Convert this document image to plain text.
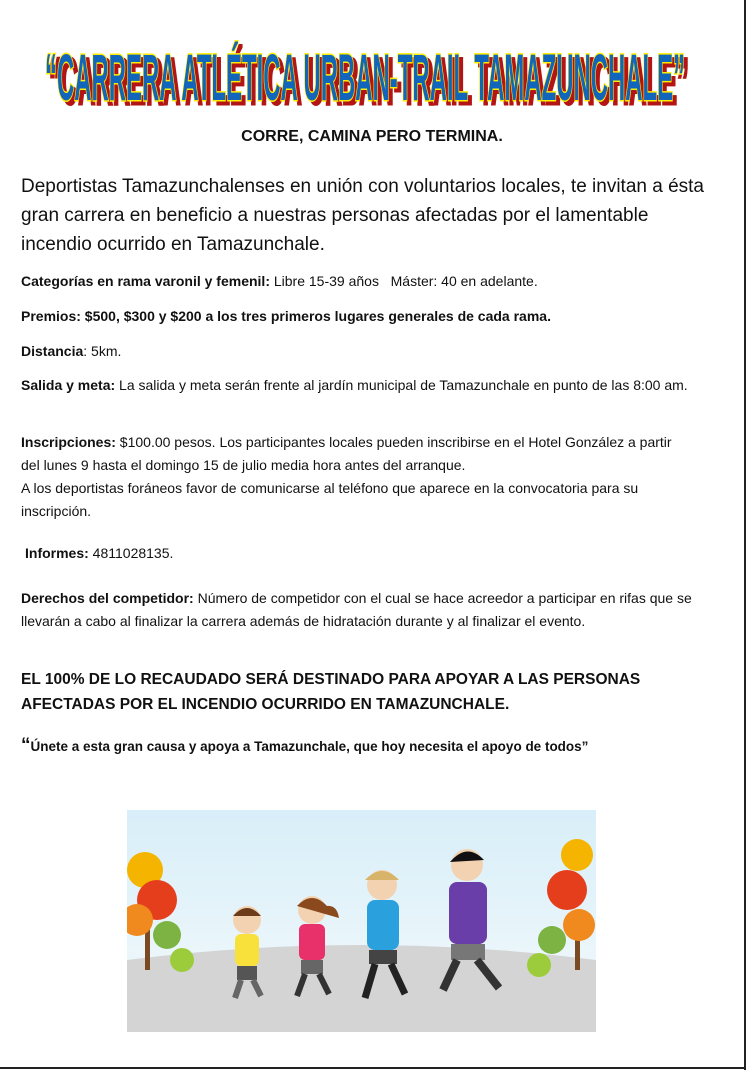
“CARRERA ATLÉTICA URBAN-TRAIL TAMAZUNCHALE”
CORRE, CAMINA PERO TERMINA.
Deportistas Tamazunchalenses en unión con voluntarios locales, te invitan a ésta gran carrera en beneficio a nuestras personas afectadas por el lamentable incendio ocurrido en Tamazunchale.
Categorías en rama varonil y femenil: Libre 15-39 años   Máster: 40 en adelante.
Premios: $500, $300 y $200 a los tres primeros lugares generales de cada rama.
Distancia: 5km.
Salida y meta: La salida y meta serán frente al jardín municipal de Tamazunchale en punto de las 8:00 am.
Inscripciones: $100.00 pesos. Los participantes locales pueden inscribirse en el Hotel González a partir del lunes 9 hasta el domingo 15 de julio media hora antes del arranque.
A los deportistas foráneos favor de comunicarse al teléfono que aparece en la convocatoria para su inscripción.
Informes: 4811028135.
Derechos del competidor: Número de competidor con el cual se hace acreedor a participar en rifas que se llevarán a cabo al finalizar la carrera además de hidratación durante y al finalizar el evento.
EL 100% DE LO RECAUDADO SERÁ DESTINADO PARA APOYAR A LAS PERSONAS AFECTADAS POR EL INCENDIO OCURRIDO EN TAMAZUNCHALE.
“Únete a esta gran causa y apoya a Tamazunchale, que hoy necesita el apoyo de todos”
